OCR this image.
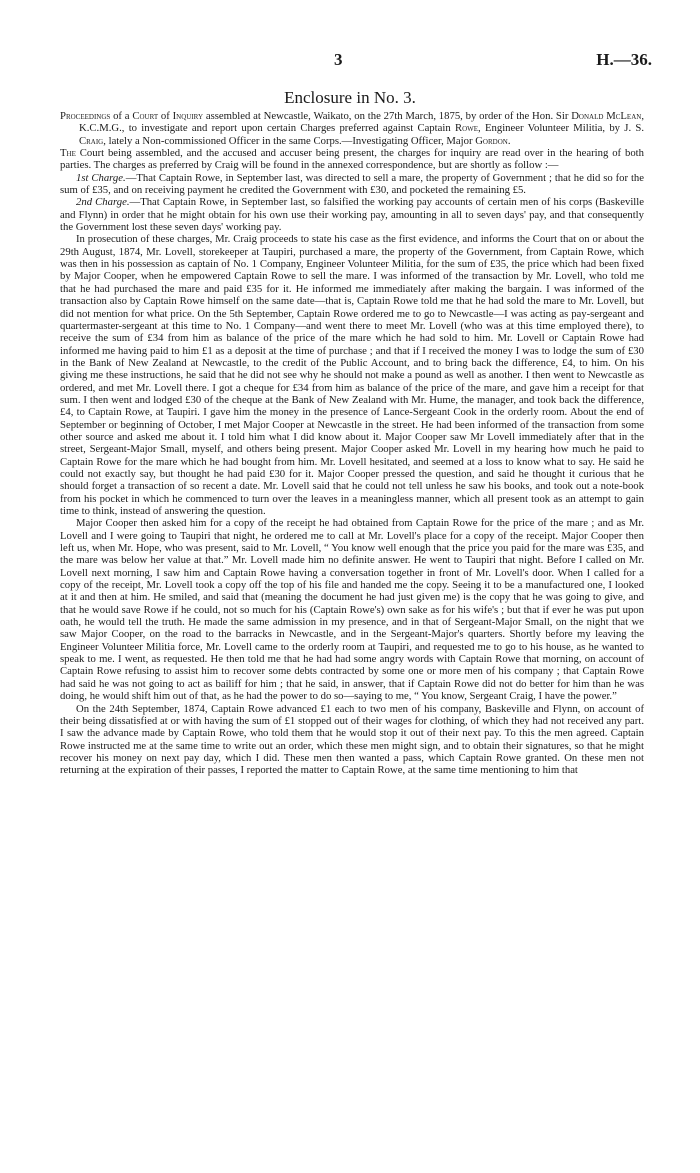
3	H.—36.
Enclosure in No. 3.

Proceedings of a Court of Inquiry assembled at Newcastle, Waikato, on the 27th March, 1875, by order of the Hon. Sir Donald McLean, K.C.M.G., to investigate and report upon certain Charges preferred against Captain Rowe, Engineer Volunteer Militia, by J. S. Craig, lately a Non-commissioned Officer in the same Corps.—Investigating Officer, Major Gordon.

The Court being assembled, and the accused and accuser being present, the charges for inquiry are read over in the hearing of both parties. The charges as preferred by Craig will be found in the annexed correspondence, but are shortly as follow :—

1st Charge.—That Captain Rowe, in September last, was directed to sell a mare, the property of Government ; that he did so for the sum of £35, and on receiving payment he credited the Government with £30, and pocketed the remaining £5.

2nd Charge.—That Captain Rowe, in September last, so falsified the working pay accounts of certain men of his corps (Baskeville and Flynn) in order that he might obtain for his own use their working pay, amounting in all to seven days' pay, and that consequently the Government lost these seven days' working pay.

In prosecution of these charges, Mr. Craig proceeds to state his case as the first evidence, and informs the Court that on or about the 29th August, 1874, Mr. Lovell, storekeeper at Taupiri, purchased a mare, the property of the Government, from Captain Rowe, which was then in his possession as captain of No. 1 Company, Engineer Volunteer Militia, for the sum of £35, the price which had been fixed by Major Cooper, when he empowered Captain Rowe to sell the mare. I was informed of the transaction by Mr. Lovell, who told me that he had purchased the mare and paid £35 for it. He informed me immediately after making the bargain. I was informed of the transaction also by Captain Rowe himself on the same date—that is, Captain Rowe told me that he had sold the mare to Mr. Lovell, but did not mention for what price. On the 5th September, Captain Rowe ordered me to go to Newcastle—I was acting as pay-sergeant and quartermaster-sergeant at this time to No. 1 Company—and went there to meet Mr. Lovell (who was at this time employed there), to receive the sum of £34 from him as balance of the price of the mare which he had sold to him. Mr. Lovell or Captain Rowe had informed me having paid to him £1 as a deposit at the time of purchase ; and that if I received the money I was to lodge the sum of £30 in the Bank of New Zealand at Newcastle, to the credit of the Public Account, and to bring back the difference, £4, to him. On his giving me these instructions, he said that he did not see why he should not make a pound as well as another. I then went to Newcastle as ordered, and met Mr. Lovell there. I got a cheque for £34 from him as balance of the price of the mare, and gave him a receipt for that sum. I then went and lodged £30 of the cheque at the Bank of New Zealand with Mr. Hume, the manager, and took back the difference, £4, to Captain Rowe, at Taupiri. I gave him the money in the presence of Lance-Sergeant Cook in the orderly room. About the end of September or beginning of October, I met Major Cooper at Newcastle in the street. He had been informed of the transaction from some other source and asked me about it. I told him what I did know about it. Major Cooper saw Mr Lovell immediately after that in the street, Sergeant-Major Small, myself, and others being present. Major Cooper asked Mr. Lovell in my hearing how much he paid to Captain Rowe for the mare which he had bought from him. Mr. Lovell hesitated, and seemed at a loss to know what to say. He said he could not exactly say, but thought he had paid £30 for it. Major Cooper pressed the question, and said he thought it curious that he should forget a transaction of so recent a date. Mr. Lovell said that he could not tell unless he saw his books, and took out a note-book from his pocket in which he commenced to turn over the leaves in a meaningless manner, which all present took as an attempt to gain time to think, instead of answering the question.

Major Cooper then asked him for a copy of the receipt he had obtained from Captain Rowe for the price of the mare ; and as Mr. Lovell and I were going to Taupiri that night, he ordered me to call at Mr. Lovell's place for a copy of the receipt. Major Cooper then left us, when Mr. Hope, who was present, said to Mr. Lovell, “ You know well enough that the price you paid for the mare was £35, and the mare was below her value at that.” Mr. Lovell made him no definite answer. He went to Taupiri that night. Before I called on Mr. Lovell next morning, I saw him and Captain Rowe having a conversation together in front of Mr. Lovell's door. When I called for a copy of the receipt, Mr. Lovell took a copy off the top of his file and handed me the copy. Seeing it to be a manufactured one, I looked at it and then at him. He smiled, and said that (meaning the document he had just given me) is the copy that he was going to give, and that he would save Rowe if he could, not so much for his (Captain Rowe's) own sake as for his wife's ; but that if ever he was put upon oath, he would tell the truth. He made the same admission in my presence, and in that of Sergeant-Major Small, on the night that we saw Major Cooper, on the road to the barracks in Newcastle, and in the Sergeant-Major's quarters. Shortly before my leaving the Engineer Volunteer Militia force, Mr. Lovell came to the orderly room at Taupiri, and requested me to go to his house, as he wanted to speak to me. I went, as requested. He then told me that he had had some angry words with Captain Rowe that morning, on account of Captain Rowe refusing to assist him to recover some debts contracted by some one or more men of his company ; that Captain Rowe had said he was not going to act as bailiff for him ; that he said, in answer, that if Captain Rowe did not do better for him than he was doing, he would shift him out of that, as he had the power to do so—saying to me, “ You know, Sergeant Craig, I have the power.”

On the 24th September, 1874, Captain Rowe advanced £1 each to two men of his company, Baskeville and Flynn, on account of their being dissatisfied at or with having the sum of £1 stopped out of their wages for clothing, of which they had not received any part. I saw the advance made by Captain Rowe, who told them that he would stop it out of their next pay. To this the men agreed. Captain Rowe instructed me at the same time to write out an order, which these men might sign, and to obtain their signatures, so that he might recover his money on next pay day, which I did. These men then wanted a pass, which Captain Rowe granted. On these men not returning at the expiration of their passes, I reported the matter to Captain Rowe, at the same time mentioning to him that
